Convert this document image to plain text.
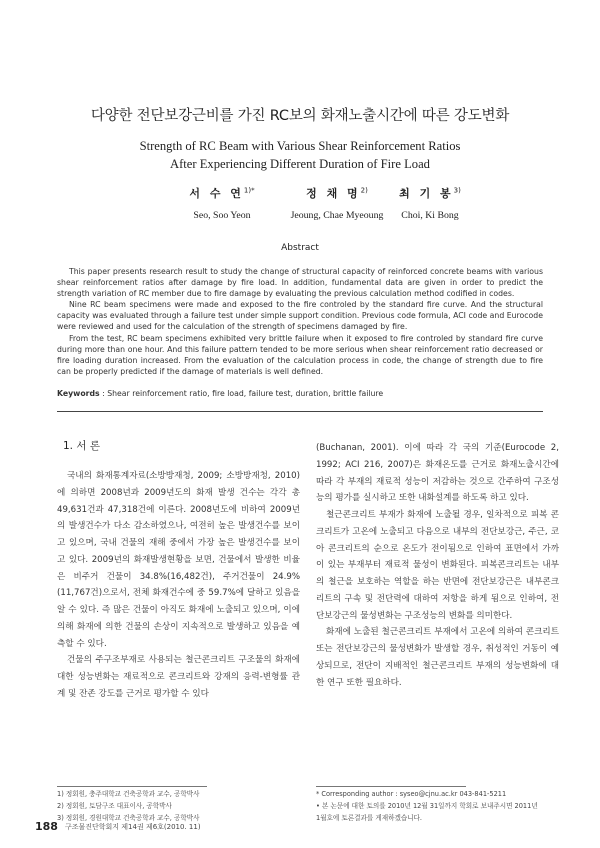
다양한 전단보강근비를 가진 RC보의 화재노출시간에 따른 강도변화
Strength of RC Beam with Various Shear Reinforcement Ratios
After Experiencing Different Duration of Fire Load
서 수 연$^{1)*}$
Seo, Soo Yeon
정 채 명$^{2)}$
Jeoung, Chae Myeoung
최 기 봉$^{3)}$
Choi, Ki Bong
Abstract

This paper presents research result to study the change of structural capacity of reinforced concrete beams with various shear reinforcement ratios after damage by fire load. In addition, fundamental data are given in order to predict the strength variation of RC member due to fire damage by evaluating the previous calculation method codified in codes.

Nine RC beam specimens were made and exposed to the fire controled by the standard fire curve. And the structural capacity was evaluated through a failure test under simple support condition. Previous code formula, ACI code and Eurocode were reviewed and used for the calculation of the strength of specimens damaged by fire.

From the test, RC beam specimens exhibited very brittle failure when it exposed to fire controled by standard fire curve during more than one hour. And this failure pattern tended to be more serious when shear reinforcement ratio decreased or fire loading duration increased. From the evaluation of the calculation process in code, the change of strength due to fire can be properly predicted if the damage of materials is well defined.

Keywords : Shear reinforcement ratio, fire load, failure test, duration, brittle failure
1. 서 론

국내의 화재통계자료(소방방재청, 2009; 소방방재청, 2010)에 의하면 2008년과 2009년도의 화재 발생 건수는 각각 총 49,631건과 47,318건에 이른다. 2008년도에 비하여 2009년의 발생건수가 다소 감소하였으나, 여전히 높은 발생건수를 보이고 있으며, 국내 건물의 재해 중에서 가장 높은 발생건수를 보이고 있다. 2009년의 화재발생현황을 보면, 건물에서 발생한 비율은 비주거 건물이 34.8%(16,482건), 주거건물이 24.9%(11,767건)으로서, 전체 화재건수에 중 59.7%에 달하고 있음을 알 수 있다. 즉 많은 건물이 아직도 화재에 노출되고 있으며, 이에 의해 화재에 의한 건물의 손상이 지속적으로 발생하고 있음을 예측할 수 있다.

건물의 주구조부재로 사용되는 철근콘크리트 구조물의 화재에 대한 성능변화는 재료적으로 콘크리트와 강재의 응력-변형률 관계 및 잔존 강도를 근거로 평가할 수 있다

(Buchanan, 2001). 이에 따라 각 국의 기준(Eurocode 2, 1992; ACI 216, 2007)은 화재온도를 근거로 화재노출시간에 따라 각 부재의 재료적 성능이 저감하는 것으로 간주하여 구조성능의 평가를 실시하고 또한 내화설계를 하도록 하고 있다.

철근콘크리트 부재가 화재에 노출될 경우, 일차적으로 피복 콘크리트가 고온에 노출되고 다음으로 내부의 전단보강근, 주근, 코아 콘크리트의 순으로 온도가 전이됨으로 인하여 표면에서 가까이 있는 부재부터 재료적 물성이 변화된다. 피복콘크리트는 내부의 철근을 보호하는 역할을 하는 반면에 전단보강근은 내부콘크리트의 구속 및 전단력에 대하여 저항을 하게 됨으로 인하여, 전단보강근의 물성변화는 구조성능의 변화를 의미한다.

화재에 노출된 철근콘크리트 부재에서 고온에 의하여 콘크리트 또는 전단보강근의 물성변화가 발생할 경우, 취성적인 거동이 예상되므로, 전단이 지배적인 철근콘크리트 부재의 성능변화에 대한 연구 또한 필요하다.

1) 정회원, 충주대학교 건축공학과 교수, 공학박사
2) 정회원, 토담구조 대표이사, 공학박사
3) 정회원, 경원대학교 건축공학과 교수, 공학박사
* Corresponding author : syseo@cjnu.ac.kr 043-841-5211
• 본 논문에 대한 토의를 2010년 12월 31일까지 학회로 보내주시면 2011년 1월호에 토론결과를 게재하겠습니다.
188 구조물진단학회지 제14권 제6호(2010. 11)
